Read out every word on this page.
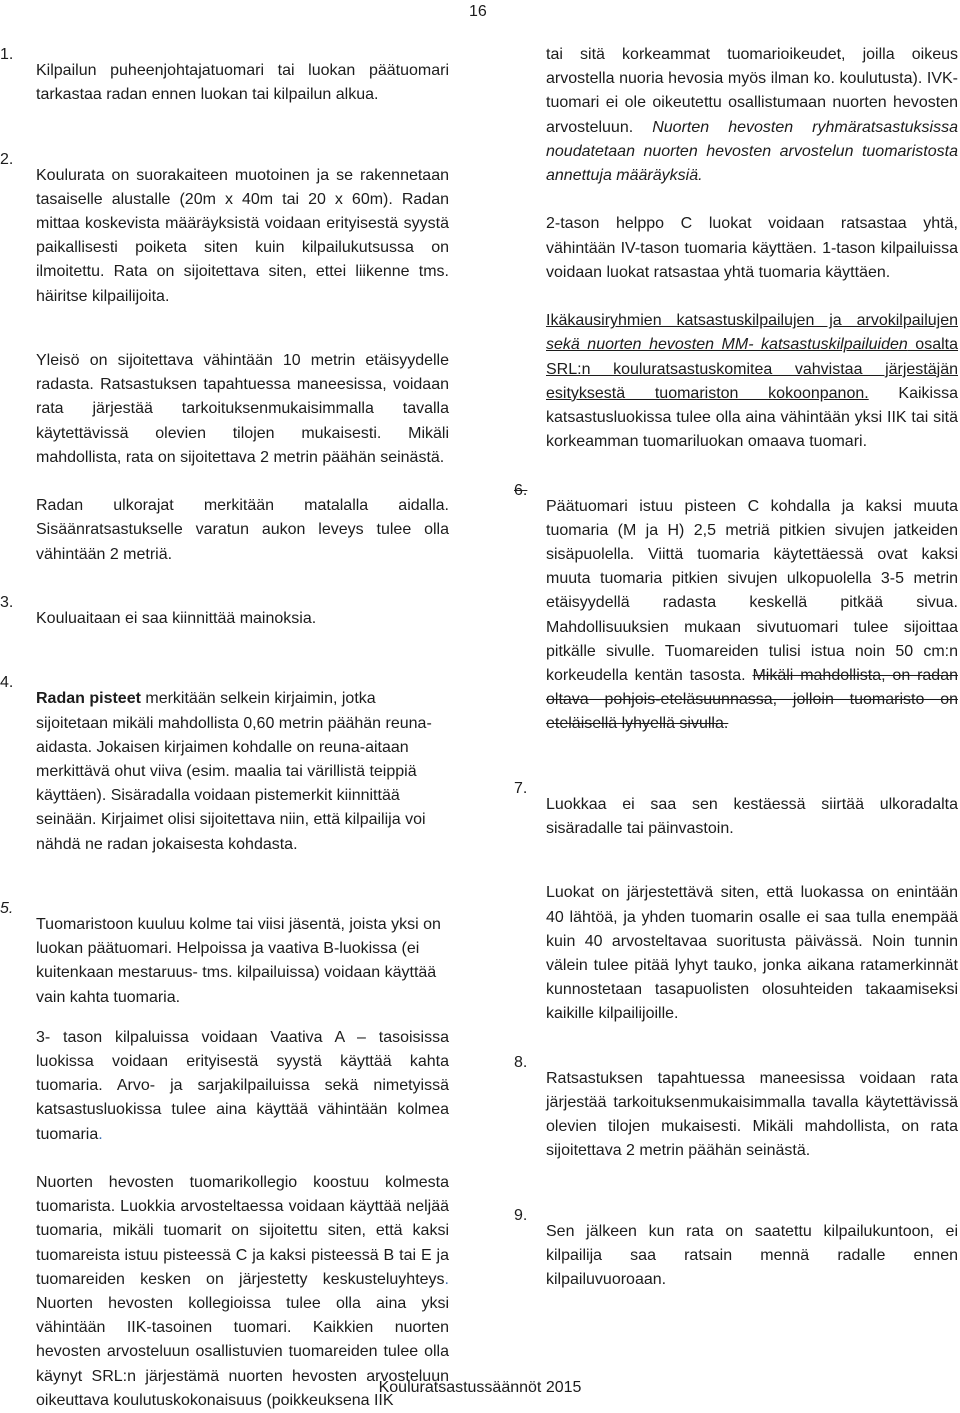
16
1.

Kilpailun puheenjohtajatuomari tai luokan päätuomari tarkastaa radan ennen luokan tai kilpailun alkua.

2.

Koulurata on suorakaiteen muotoinen ja se rakennetaan tasaiselle alustalle (20m x 40m tai 20 x 60m). Radan mittaa koskevista määräyksistä voidaan erityisestä syystä paikallisesti poiketa siten kuin kilpailukutsussa on ilmoitettu. Rata on sijoitettava siten, ettei liikenne tms. häiritse kilpailijoita.

Yleisö on sijoitettava vähintään 10 metrin etäisyydelle radasta. Ratsastuksen tapahtuessa maneesissa, voidaan rata järjestää tarkoituksenmukaisimmalla tavalla käytettävissä olevien tilojen mukaisesti. Mikäli mahdollista, rata on sijoitettava 2 metrin päähän seinästä.

Radan ulkorajat merkitään matalalla aidalla. Sisäänratsastukselle varatun aukon leveys tulee olla vähintään 2 metriä.

3.

Kouluaitaan ei saa kiinnittää mainoksia.

4.

Radan pisteet merkitään selkein kirjaimin, jotka sijoitetaan mikäli mahdollista 0,60 metrin päähän reuna-aidasta. Jokaisen kirjaimen kohdalle on reuna-aitaan merkittävä ohut viiva (esim. maalia tai värillistä teippiä käyttäen). Sisäradalla voidaan pistemerkit kiinnittää seinään. Kirjaimet olisi sijoitettava niin, että kilpailija voi nähdä ne radan jokaisesta kohdasta.

5.

Tuomaristoon kuuluu kolme tai viisi jäsentä, joista yksi on luokan päätuomari. Helpoissa ja vaativa B-luokissa (ei kuitenkaan mestaruus- tms. kilpailuissa) voidaan käyttää vain kahta tuomaria.

3- tason kilpaluissa voidaan Vaativa A – tasoisissa luokissa voidaan erityisestä syystä käyttää kahta tuomaria. Arvo- ja sarjakilpailuissa sekä nimetyissä katsastusluokissa tulee aina käyttää vähintään kolmea tuomaria.

Nuorten hevosten tuomarikollegio koostuu kolmesta tuomarista. Luokkia arvosteltaessa voidaan käyttää neljää tuomaria, mikäli tuomarit on sijoitettu siten, että kaksi tuomareista istuu pisteessä C ja kaksi pisteessä B tai E ja tuomareiden kesken on järjestetty keskusteluyhteys. Nuorten hevosten kollegioissa tulee olla aina yksi vähintään IIK-tasoinen tuomari. Kaikkien nuorten hevosten arvosteluun osallistuvien tuomareiden tulee olla käynyt SRL:n järjestämä nuorten hevosten arvosteluun oikeuttava koulutuskokonaisuus (poikkeuksena IIK

tai sitä korkeammat tuomarioikeudet, joilla oikeus arvostella nuoria hevosia myös ilman ko. koulutusta). IVK-tuomari ei ole oikeutettu osallistumaan nuorten hevosten arvosteluun. Nuorten hevosten ryhmäratsastuksissa noudatetaan nuorten hevosten arvostelun tuomaristosta annettuja määräyksiä.

2-tason helppo C luokat voidaan ratsastaa yhtä, vähintään IV-tason tuomaria käyttäen. 1-tason kilpailuissa voidaan luokat ratsastaa yhtä tuomaria käyttäen.

Ikäkausiryhmien katsastuskilpailujen ja arvokilpailujen sekä nuorten hevosten MM- katsastuskilpailuiden osalta SRL:n kouluratsastuskomitea vahvistaa järjestäjän esityksestä tuomariston kokoonpanon. Kaikissa katsastusluokissa tulee olla aina vähintään yksi IIK tai sitä korkeamman tuomariluokan omaava tuomari.

6.

Päätuomari istuu pisteen C kohdalla ja kaksi muuta tuomaria (M ja H) 2,5 metriä pitkien sivujen jatkeiden sisäpuolella. Viittä tuomaria käytettäessä ovat kaksi muuta tuomaria pitkien sivujen ulkopuolella 3-5 metrin etäisyydellä radasta keskellä pitkää sivua. Mahdollisuuksien mukaan sivutuomari tulee sijoittaa pitkälle sivulle. Tuomareiden tulisi istua noin 50 cm:n korkeudella kentän tasosta. Mikäli mahdollista, on radan oltava pohjois-eteläsuunnassa, jolloin tuomaristo on eteläisellä lyhyellä sivulla.

7.

Luokkaa ei saa sen kestäessä siirtää ulkoradalta sisäradalle tai päinvastoin.

Luokat on järjestettävä siten, että luokassa on enintään 40 lähtöä, ja yhden tuomarin osalle ei saa tulla enempää kuin 40 arvosteltavaa suoritusta päivässä. Noin tunnin välein tulee pitää lyhyt tauko, jonka aikana ratamerkinnät kunnostetaan tasapuolisten olosuhteiden takaamiseksi kaikille kilpailijoille.

8.

Ratsastuksen tapahtuessa maneesissa voidaan rata järjestää tarkoituksenmukaisimmalla tavalla käytettävissä olevien tilojen mukaisesti. Mikäli mahdollista, on rata sijoitettava 2 metrin päähän seinästä.

9.

Sen jälkeen kun rata on saatettu kilpailukuntoon, ei kilpailija saa ratsain mennä radalle ennen kilpailuvuoroaan.

Kouluratsastussäännöt 2015
